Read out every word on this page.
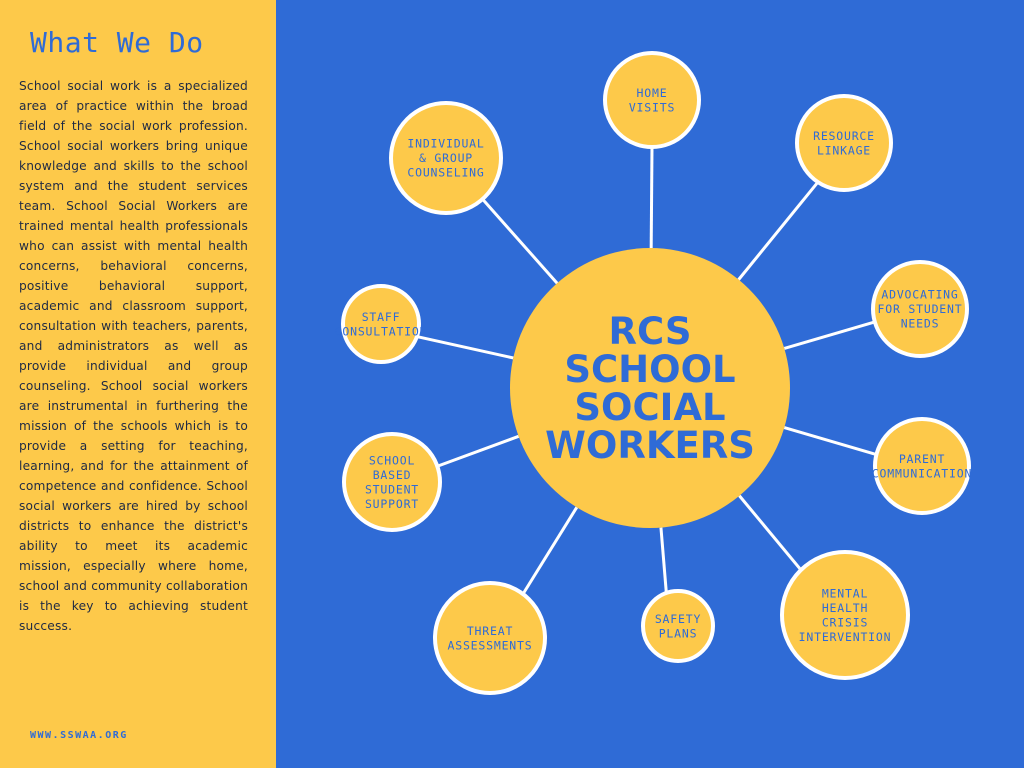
What We Do

School social work is a specialized area of practice within the broad field of the social work profession. School social workers bring unique knowledge and skills to the school system and the student services team. School Social Workers are trained mental health professionals who can assist with mental health concerns, behavioral concerns, positive behavioral support, academic and classroom support, consultation with teachers, parents, and administrators as well as provide individual and group counseling. School social workers are instrumental in furthering the mission of the schools which is to provide a setting for teaching, learning, and for the attainment of competence and confidence. School social workers are hired by school districts to enhance the district's ability to meet its academic mission, especially where home, school and community collaboration is the key to achieving student success.

WWW.SSWAA.ORG
RCS
SCHOOL
SOCIAL
WORKERS
HOME
VISITS
RESOURCE
LINKAGE
ADVOCATING
FOR STUDENT
NEEDS
PARENT
COMMUNICATION
MENTAL
HEALTH
CRISIS
INTERVENTION
SAFETY
PLANS
THREAT
ASSESSMENTS
SCHOOL
BASED
STUDENT
SUPPORT
STAFF
CONSULTATION
INDIVIDUAL
& GROUP
COUNSELING
